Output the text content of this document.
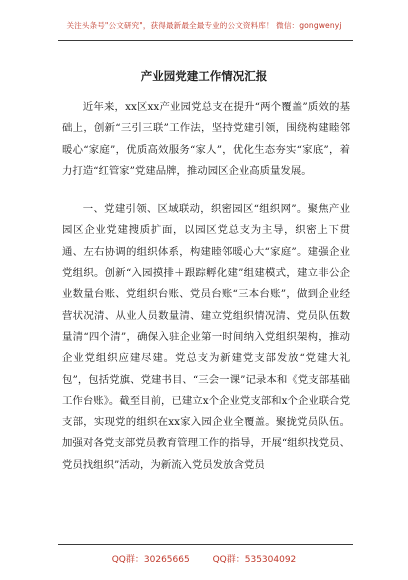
关注头条号"公文研究"，获得最新最全最专业的公文资料库！ 微信：gongwenyj
产业园党建工作情况汇报

近年来，xx区xx产业园党总支在提升“两个覆盖”质效的基础上，创新“三引三联”工作法，坚持党建引领，围绕构建睦邻暖心“家庭”，优质高效服务“家人”，优化生态夯实“家底”，着力打造“红管家”党建品牌，推动园区企业高质量发展。

一、党建引领、区域联动，织密园区“组织网”。聚焦产业园区企业党建搜质扩面，以园区党总支为主导，织密上下贯通、左右协调的组织体系，构建睦邻暖心大“家庭”。建强企业党组织。创新“入园摸排＋跟踪孵化建”组建模式，建立非公企业数量台账、党组织台账、党员台账“三本台账”，做到企业经营状况清、从业人员数量清、建立党组织情况清、党员队伍数量清“四个清”，确保入驻企业第一时间纳入党组织架构，推动企业党组织应建尽建。党总支为新建党支部发放“党建大礼包”，包括党旗、党建书目、“三会一课”记录本和《党支部基础工作台账》。截至目前，已建立x个企业党支部和x个企业联合党支部，实现党的组织在xx家入园企业全覆盖。聚拢党员队伍。加强对各党支部党员教育管理工作的指导，开展“组织找党员、党员找组织”活动，为新流入党员发放含党员

QQ群：30265665	QQ群：535304092
